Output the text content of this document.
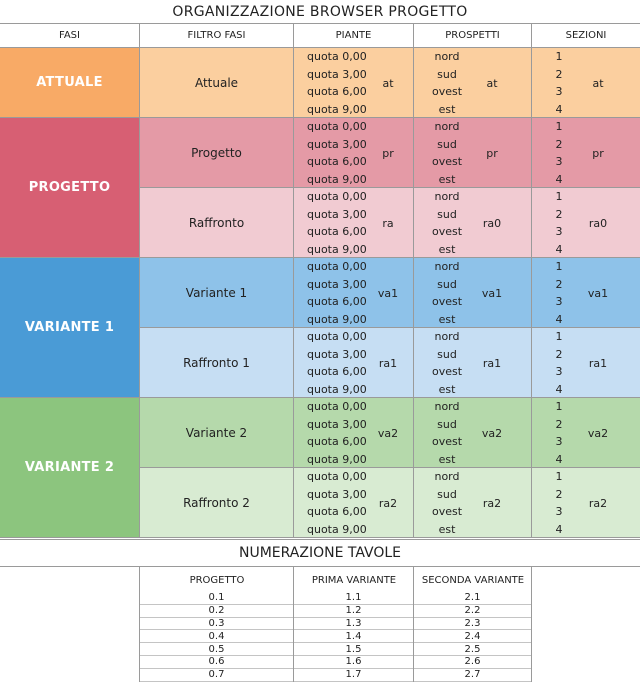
ORGANIZZAZIONE BROWSER PROGETTO
FASI	FILTRO FASI	PIANTE	PROSPETTI	SEZIONI
ATTUALE	Attuale
quota 0,00	nord	1
quota 3,00	sud	2
quota 6,00	ovest	3
quota 9,00	est	4
at	at	at
PROGETTO
Progetto
quota 0,00	nord	1
quota 3,00	sud	2
quota 6,00	ovest	3
quota 9,00	est	4
pr	pr	pr
Raffronto
quota 0,00	nord	1
quota 3,00	sud	2
quota 6,00	ovest	3
quota 9,00	est	4
ra	ra0	ra0
VARIANTE 1
Variante 1
quota 0,00	nord	1
quota 3,00	sud	2
quota 6,00	ovest	3
quota 9,00	est	4
va1	va1	va1
Raffronto 1
quota 0,00	nord	1
quota 3,00	sud	2
quota 6,00	ovest	3
quota 9,00	est	4
ra1	ra1	ra1
VARIANTE 2
Variante 2
quota 0,00	nord	1
quota 3,00	sud	2
quota 6,00	ovest	3
quota 9,00	est	4
va2	va2	va2
Raffronto 2
quota 0,00	nord	1
quota 3,00	sud	2
quota 6,00	ovest	3
quota 9,00	est	4
ra2	ra2	ra2
NUMERAZIONE TAVOLE
PROGETTO	PRIMA VARIANTE	SECONDA VARIANTE
0.1	1.1	2.1
0.2	1.2	2.2
0.3	1.3	2.3
0.4	1.4	2.4
0.5	1.5	2.5
0.6	1.6	2.6
0.7	1.7	2.7
